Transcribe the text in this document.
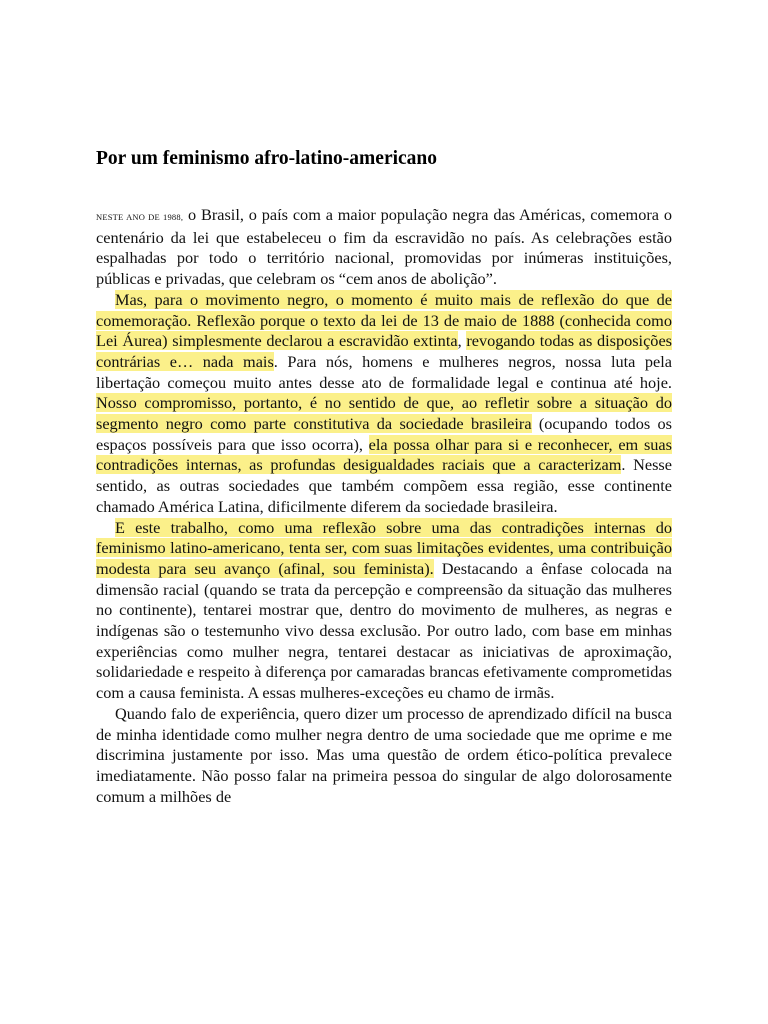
Por um feminismo afro-latino-americano

NESTE ANO DE 1988, o Brasil, o país com a maior população negra das Américas, comemora o centenário da lei que estabeleceu o fim da escravidão no país. As celebrações estão espalhadas por todo o território nacional, promovidas por inúmeras instituições, públicas e privadas, que celebram os “cem anos de abolição”.

Mas, para o movimento negro, o momento é muito mais de reflexão do que de comemoração. Reflexão porque o texto da lei de 13 de maio de 1888 (conhecida como Lei Áurea) simplesmente declarou a escravidão extinta, revogando todas as disposições contrárias e… nada mais. Para nós, homens e mulheres negros, nossa luta pela libertação começou muito antes desse ato de formalidade legal e continua até hoje. Nosso compromisso, portanto, é no sentido de que, ao refletir sobre a situação do segmento negro como parte constitutiva da sociedade brasileira (ocupando todos os espaços possíveis para que isso ocorra), ela possa olhar para si e reconhecer, em suas contradições internas, as profundas desigualdades raciais que a caracterizam. Nesse sentido, as outras sociedades que também compõem essa região, esse continente chamado América Latina, dificilmente diferem da sociedade brasileira.

E este trabalho, como uma reflexão sobre uma das contradições internas do feminismo latino-americano, tenta ser, com suas limitações evidentes, uma contribuição modesta para seu avanço (afinal, sou feminista). Destacando a ênfase colocada na dimensão racial (quando se trata da percepção e compreensão da situação das mulheres no continente), tentarei mostrar que, dentro do movimento de mulheres, as negras e indígenas são o testemunho vivo dessa exclusão. Por outro lado, com base em minhas experiências como mulher negra, tentarei destacar as iniciativas de aproximação, solidariedade e respeito à diferença por camaradas brancas efetivamente comprometidas com a causa feminista. A essas mulheres-exceções eu chamo de irmãs.

Quando falo de experiência, quero dizer um processo de aprendizado difícil na busca de minha identidade como mulher negra dentro de uma sociedade que me oprime e me discrimina justamente por isso. Mas uma questão de ordem ético-política prevalece imediatamente. Não posso falar na primeira pessoa do singular de algo dolorosamente comum a milhões de
